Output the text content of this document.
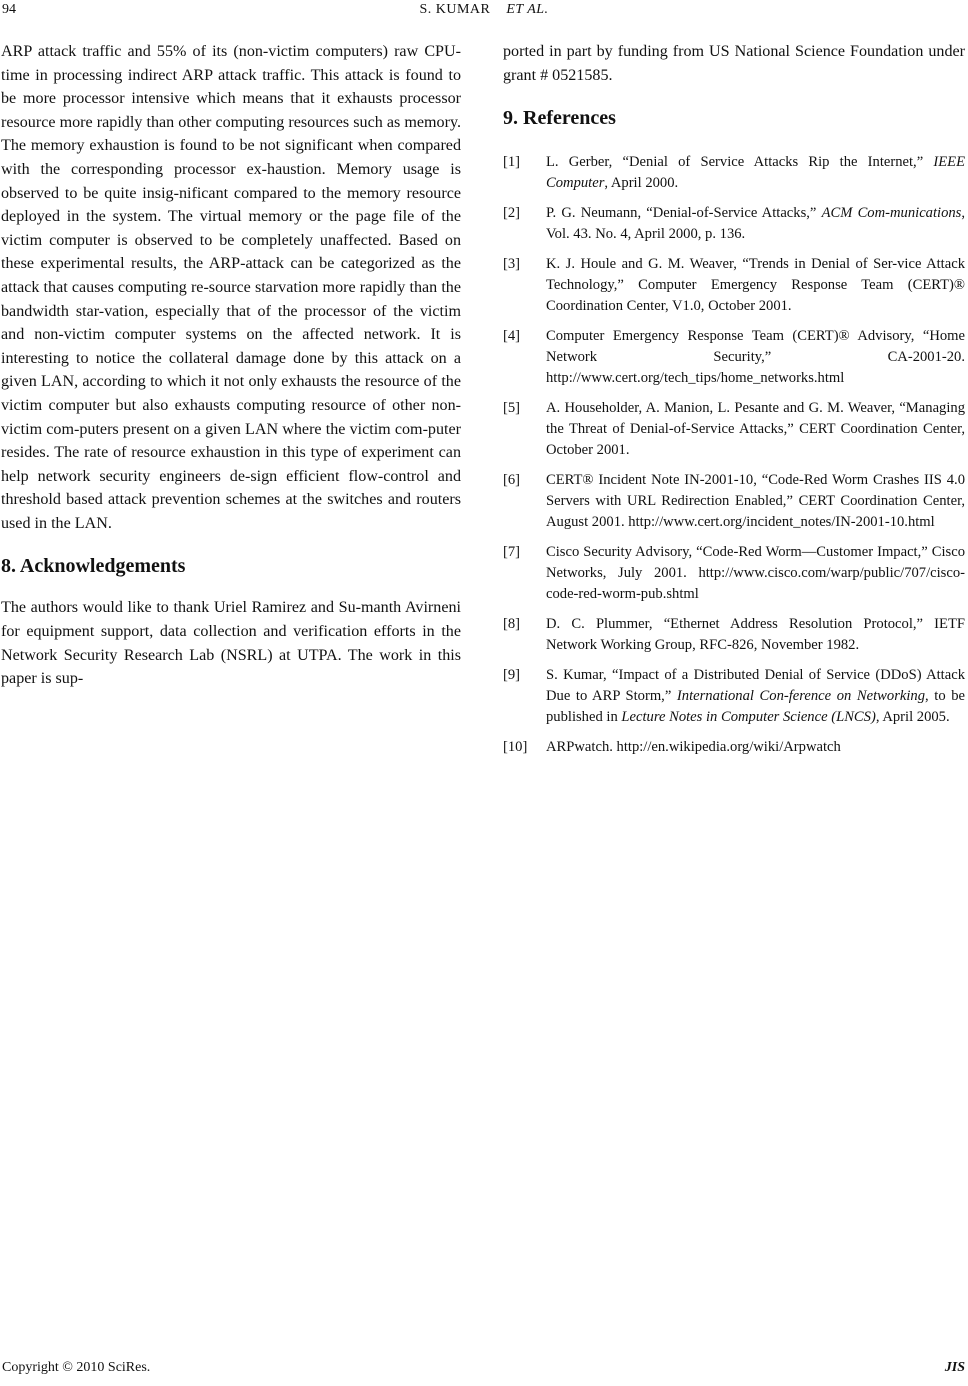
94	S. KUMAR ET AL.

ARP attack traffic and 55% of its (non-victim computers) raw CPU-time in processing indirect ARP attack traffic. This attack is found to be more processor intensive which means that it exhausts processor resource more rapidly than other computing resources such as memory. The memory exhaustion is found to be not significant when compared with the corresponding processor ex-haustion. Memory usage is observed to be quite insig-nificant compared to the memory resource deployed in the system. The virtual memory or the page file of the victim computer is observed to be completely unaffected. Based on these experimental results, the ARP-attack can be categorized as the attack that causes computing re-source starvation more rapidly than the bandwidth star-vation, especially that of the processor of the victim and non-victim computer systems on the affected network. It is interesting to notice the collateral damage done by this attack on a given LAN, according to which it not only exhausts the resource of the victim computer but also exhausts computing resource of other non-victim com-puters present on a given LAN where the victim com-puter resides. The rate of resource exhaustion in this type of experiment can help network security engineers de-sign efficient flow-control and threshold based attack prevention schemes at the switches and routers used in the LAN.

8. Acknowledgements

The authors would like to thank Uriel Ramirez and Su-manth Avirneni for equipment support, data collection and verification efforts in the Network Security Research Lab (NSRL) at UTPA. The work in this paper is sup-

ported in part by funding from US National Science Foundation under grant # 0521585.

9. References
[1] L. Gerber, “Denial of Service Attacks Rip the Internet,” IEEE Computer, April 2000.
[2] P. G. Neumann, “Denial-of-Service Attacks,” ACM Com-munications, Vol. 43. No. 4, April 2000, p. 136.
[3] K. J. Houle and G. M. Weaver, “Trends in Denial of Ser-vice Attack Technology,” Computer Emergency Response Team (CERT)® Coordination Center, V1.0, October 2001.
[4] Computer Emergency Response Team (CERT)® Advisory, “Home Network Security,” CA-2001-20. http://www.cert.org/tech_tips/home_networks.html
[5] A. Householder, A. Manion, L. Pesante and G. M. Weaver, “Managing the Threat of Denial-of-Service Attacks,” CERT Coordination Center, October 2001.
[6] CERT® Incident Note IN-2001-10, “Code-Red Worm Crashes IIS 4.0 Servers with URL Redirection Enabled,” CERT Coordination Center, August 2001. http://www.cert.org/incident_notes/IN-2001-10.html
[7] Cisco Security Advisory, “Code-Red Worm—Customer Impact,” Cisco Networks, July 2001. http://www.cisco.com/warp/public/707/cisco-code-red-worm-pub.shtml
[8] D. C. Plummer, “Ethernet Address Resolution Protocol,” IETF Network Working Group, RFC-826, November 1982.
[9] S. Kumar, “Impact of a Distributed Denial of Service (DDoS) Attack Due to ARP Storm,” International Con-ference on Networking, to be published in Lecture Notes in Computer Science (LNCS), April 2005.
[10] ARPwatch. http://en.wikipedia.org/wiki/Arpwatch
Copyright © 2010 SciRes.	JIS
